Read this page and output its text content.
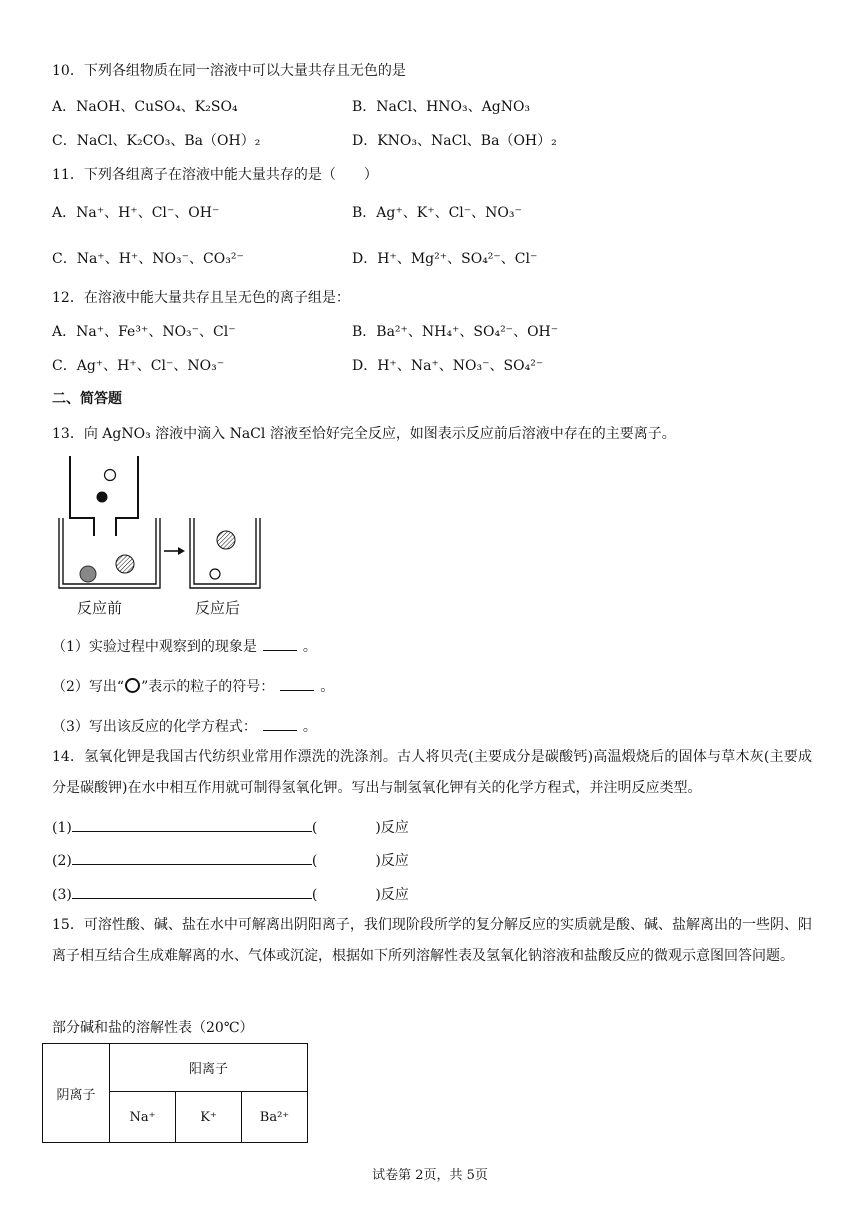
10．下列各组物质在同一溶液中可以大量共存且无色的是
A．NaOH、CuSO₄、K₂SO₄	B．NaCl、HNO₃、AgNO₃
C．NaCl、K₂CO₃、Ba（OH）₂	D．KNO₃、NaCl、Ba（OH）₂
11．下列各组离子在溶液中能大量共存的是（　　）
A．Na⁺、H⁺、Cl⁻、OH⁻	B．Ag⁺、K⁺、Cl⁻、NO₃⁻
C．Na⁺、H⁺、NO₃⁻、CO₃²⁻	D．H⁺、Mg²⁺、SO₄²⁻、Cl⁻
12．在溶液中能大量共存且呈无色的离子组是：
A．Na⁺、Fe³⁺、NO₃⁻、Cl⁻	B．Ba²⁺、NH₄⁺、SO₄²⁻、OH⁻
C．Ag⁺、H⁺、Cl⁻、NO₃⁻	D．H⁺、Na⁺、NO₃⁻、SO₄²⁻
二、简答题
13．向 AgNO₃ 溶液中滴入 NaCl 溶液至恰好完全反应，如图表示反应前后溶液中存在的主要离子。
反应前	反应后
（1）实验过程中观察到的现象是	。
（2）写出“ ”表示的粒子的符号：	。
（3）写出该反应的化学方程式：	。
14．氢氧化钾是我国古代纺织业常用作漂洗的洗涤剂。古人将贝壳(主要成分是碳酸钙)高温煅烧后的固体与草木灰(主要成分是碳酸钾)在水中相互作用就可制得氢氧化钾。写出与制氢氧化钾有关的化学方程式，并注明反应类型。
(1)	(	)反应
(2)	(	)反应
(3)	(	)反应
15．可溶性酸、碱、盐在水中可解离出阴阳离子，我们现阶段所学的复分解反应的实质就是酸、碱、盐解离出的一些阴、阳离子相互结合生成难解离的水、气体或沉淀，根据如下所列溶解性表及氢氧化钠溶液和盐酸反应的微观示意图回答问题。
部分碱和盐的溶解性表（20℃）
阴离子	阳离子		
	Na⁺	K⁺	Ba²⁺
试卷第 2页，共 5页
